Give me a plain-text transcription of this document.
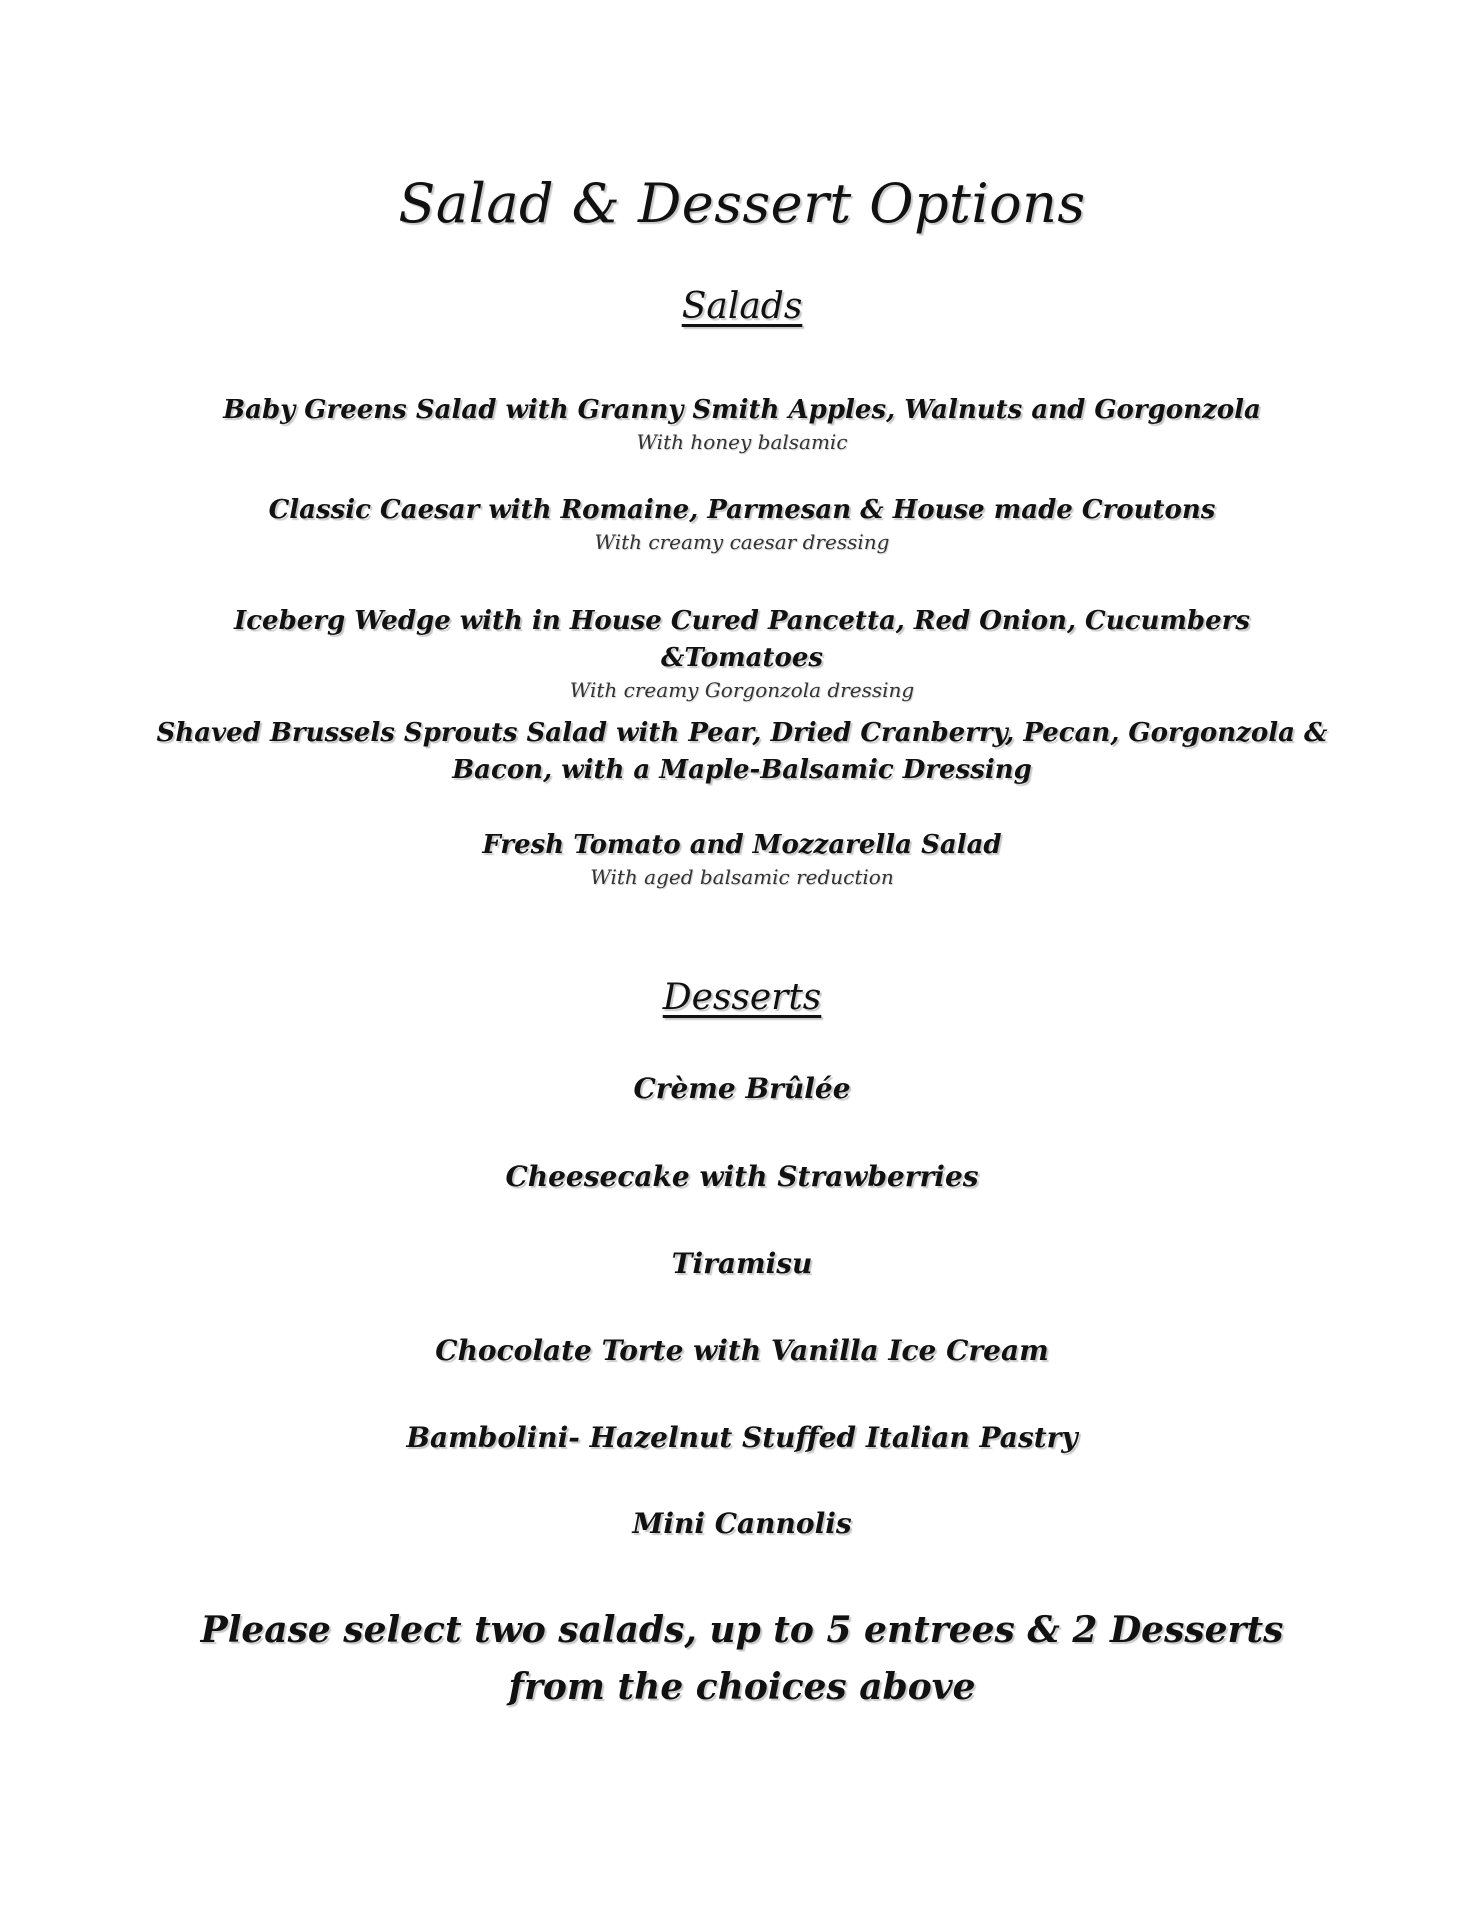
Salad & Dessert Options
Salads
Baby Greens Salad with Granny Smith Apples, Walnuts and Gorgonzola
With honey balsamic
Classic Caesar with Romaine, Parmesan & House made Croutons
With creamy caesar dressing
Iceberg Wedge with in House Cured Pancetta, Red Onion, Cucumbers &Tomatoes
With creamy Gorgonzola dressing
Shaved Brussels Sprouts Salad with Pear, Dried Cranberry, Pecan, Gorgonzola & Bacon, with a Maple-Balsamic Dressing
Fresh Tomato and Mozzarella Salad
With aged balsamic reduction
Desserts
Crème Brûlée
Cheesecake with Strawberries
Tiramisu
Chocolate Torte with Vanilla Ice Cream
Bambolini- Hazelnut Stuffed Italian Pastry
Mini Cannolis
Please select two salads, up to 5 entrees & 2 Desserts from the choices above
